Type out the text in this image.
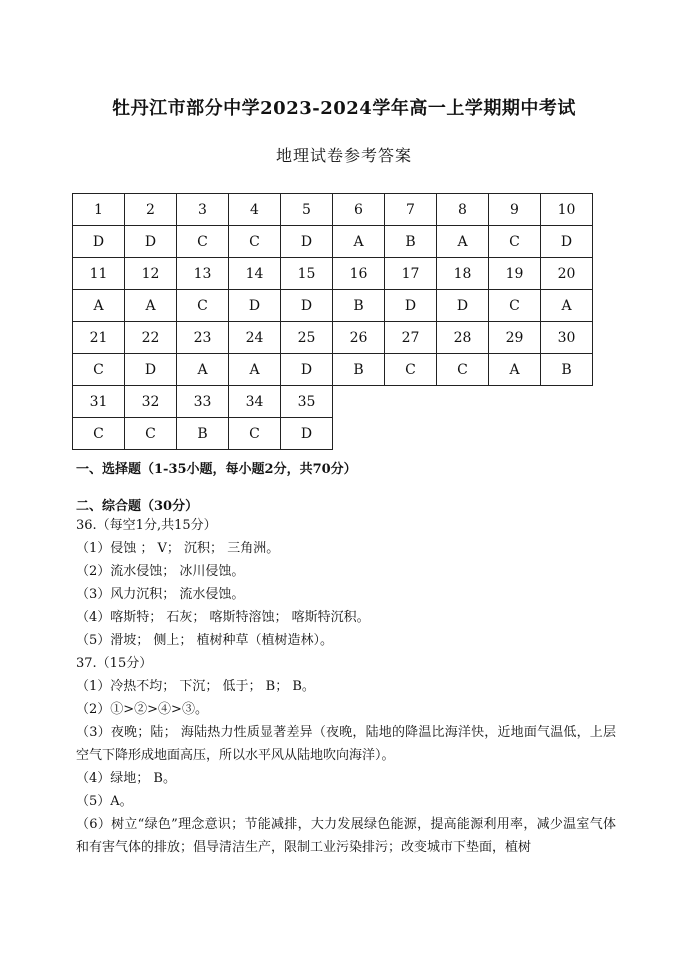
牡丹江市部分中学2023-2024学年高一上学期期中考试
地理试卷参考答案
1	2	3	4	5	6	7	8	9	10
D	D	C	C	D	A	B	A	C	D
11	12	13	14	15	16	17	18	19	20
A	A	C	D	D	B	D	D	C	A
21	22	23	24	25	26	27	28	29	30
C	D	A	A	D	B	C	C	A	B
31	32	33	34	35					
C	C	B	C	D					
一、选择题（1-35小题，每小题2分，共70分）
二、综合题（30分）
36.（每空1分,共15分）
（1）侵蚀 ； V； 沉积； 三角洲。
（2）流水侵蚀； 冰川侵蚀。
（3）风力沉积； 流水侵蚀。
（4）喀斯特； 石灰； 喀斯特溶蚀； 喀斯特沉积。
（5）滑坡； 侧上； 植树种草（植树造林）。
37.（15分）
（1）冷热不均； 下沉； 低于； B； B。
（2）①>②>④>③。
（3）夜晚；陆； 海陆热力性质显著差异（夜晚，陆地的降温比海洋快，近地面气温低，上层空气下降形成地面高压，所以水平风从陆地吹向海洋）。
（4）绿地； B。
（5）A。
（6）树立“绿色”理念意识；节能减排，大力发展绿色能源，提高能源利用率，减少温室气体和有害气体的排放；倡导清洁生产，限制工业污染排污；改变城市下垫面，植树
